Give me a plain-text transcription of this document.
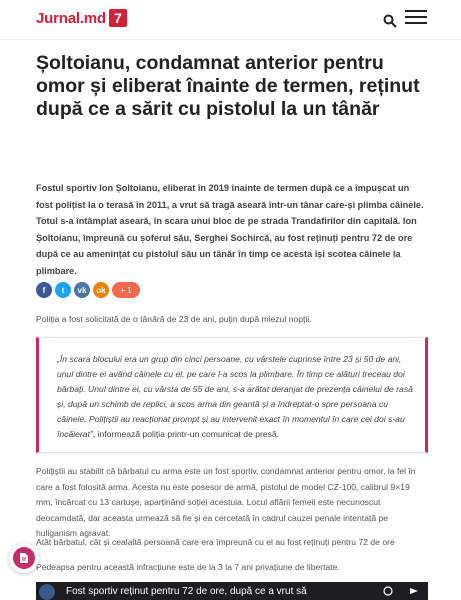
Jurnal.md 7
Șoltoianu, condamnat anterior pentru omor și eliberat înainte de termen, reținut după ce a sărit cu pistolul la un tânăr

Fostul sportiv Ion Șoltoianu, eliberat în 2019 înainte de termen după ce a împușcat un fost polițist la o terasă în 2011, a vrut să tragă aseară într-un tânar care-și plimba câinele. Totul s-a întâmplat aseară, în scara unui bloc de pe strada Trandafirilor din capitală. Ion Șoltoianu, împreună cu șoferul său, Serghei Sochircă, au fost reținuți pentru 72 de ore după ce au amenințat cu pistolul său un tânăr în timp ce acesta își scotea câinele la plimbare.

f	t	vk	ok	+ 1

Poliția a fost solicitată de o tânără de 23 de ani, puțin după miezul nopții.

„În scara blocului era un grup din cinci persoane, cu vârstele cuprinse între 23 și 50 de ani, unul dintre ei având câinele cu el, pe care l-a scos la plimbare. În timp ce alături treceau doi bărbați. Unul dintre ei, cu vârsta de 55 de ani, s-a arătat deranjat de prezența câinelui de rasă și, după un schimb de replici, a scos arma din geantă și a îndreptat-o spre persoana cu câinele. Polițiștii au reacționat prompt și au intervenit exact în momentul în care cei doi s-au încăierat”, informează poliția printr-un comunicat de presă.

Polițiștii au stabilit că bărbatul cu arma este un fost sportiv, condamnat anterior pentru omor, la fel în care a fost folosită arma. Acesta nu este posesor de armă, pistolul de model CZ-100, calibrul 9×19 mm, încărcat cu 13 cartușe, aparținând soției acestuia. Locul aflării femeii este necunoscut deocamdată, dar aceasta urmează să fie și ea cercetată în cadrul cauzei penale intentată pe huliganism agravat.

Atât bărbatul, cât și cealaltă persoană care era împreună cu el au fost reținuți pentru 72 de ore

Pedeapsa pentru această infracțiune este de la 3 la 7 ani privațiune de libertate.

Fost sportiv reținut pentru 72 de ore, după ce a vrut să
